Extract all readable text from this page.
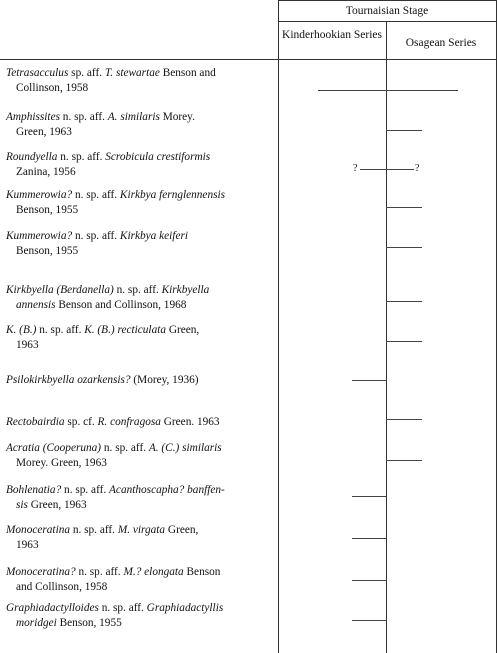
Tournaisian Stage
Kinderhookian Series
Osagean Series
Tetrasacculus sp. aff. T. stewartae Benson and
Collinson, 1958
Amphissites n. sp. aff. A. similaris Morey.
Green, 1963
Roundyella n. sp. aff. Scrobicula crestiformis
Zanina, 1956
Kummerowia? n. sp. aff. Kirkbya fernglennensis
Benson, 1955
Kummerowia? n. sp. aff. Kirkbya keiferi
Benson, 1955
Kirkbyella (Berdanella) n. sp. aff. Kirkbyella
annensis Benson and Collinson, 1968
K. (B.) n. sp. aff. K. (B.) recticulata Green,
1963
Psilokirkbyella ozarkensis? (Morey, 1936)
Rectobairdia sp. cf. R. confragosa Green. 1963
Acratia (Cooperuna) n. sp. aff. A. (C.) similaris
Morey. Green, 1963
Bohlenatia? n. sp. aff. Acanthoscapha? banffen-
sis Green, 1963
Monoceratina n. sp. aff. M. virgata Green,
1963
Monoceratina? n. sp. aff. M.? elongata Benson
and Collinson, 1958
Graphiadactylloides n. sp. aff. Graphiadactyllis
moridgei Benson, 1955
?	?
